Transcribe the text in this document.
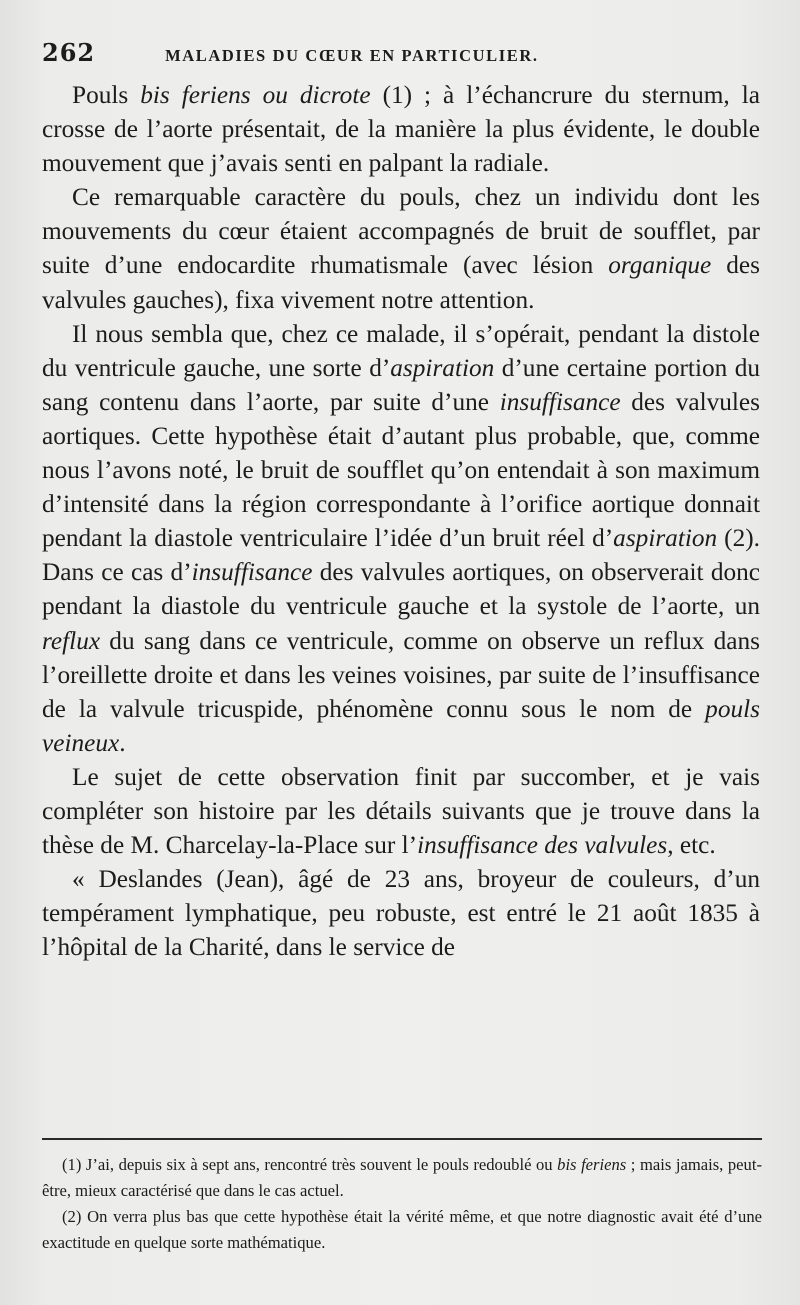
262	MALADIES DU CŒUR EN PARTICULIER.

Pouls bis feriens ou dicrote (1) ; à l’échancrure du sternum, la crosse de l’aorte présentait, de la manière la plus évidente, le double mouvement que j’avais senti en palpant la radiale.

Ce remarquable caractère du pouls, chez un individu dont les mouvements du cœur étaient accompagnés de bruit de soufflet, par suite d’une endocardite rhumatismale (avec lésion organique des valvules gauches), fixa vivement notre attention.

Il nous sembla que, chez ce malade, il s’opérait, pendant la distole du ventricule gauche, une sorte d’aspiration d’une certaine portion du sang contenu dans l’aorte, par suite d’une insuffisance des valvules aortiques. Cette hypothèse était d’autant plus probable, que, comme nous l’avons noté, le bruit de soufflet qu’on entendait à son maximum d’intensité dans la région correspondante à l’orifice aortique donnait pendant la diastole ventriculaire l’idée d’un bruit réel d’aspiration (2). Dans ce cas d’insuffisance des valvules aortiques, on observerait donc pendant la diastole du ventricule gauche et la systole de l’aorte, un reflux du sang dans ce ventricule, comme on observe un reflux dans l’oreillette droite et dans les veines voisines, par suite de l’insuffisance de la valvule tricuspide, phénomène connu sous le nom de pouls veineux.

Le sujet de cette observation finit par succomber, et je vais compléter son histoire par les détails suivants que je trouve dans la thèse de M. Charcelay-la-Place sur l’insuffisance des valvules, etc.

« Deslandes (Jean), âgé de 23 ans, broyeur de couleurs, d’un tempérament lymphatique, peu robuste, est entré le 21 août 1835 à l’hôpital de la Charité, dans le service de

(1) J’ai, depuis six à sept ans, rencontré très souvent le pouls redoublé ou bis feriens ; mais jamais, peut-être, mieux caractérisé que dans le cas actuel.

(2) On verra plus bas que cette hypothèse était la vérité même, et que notre diagnostic avait été d’une exactitude en quelque sorte mathématique.
